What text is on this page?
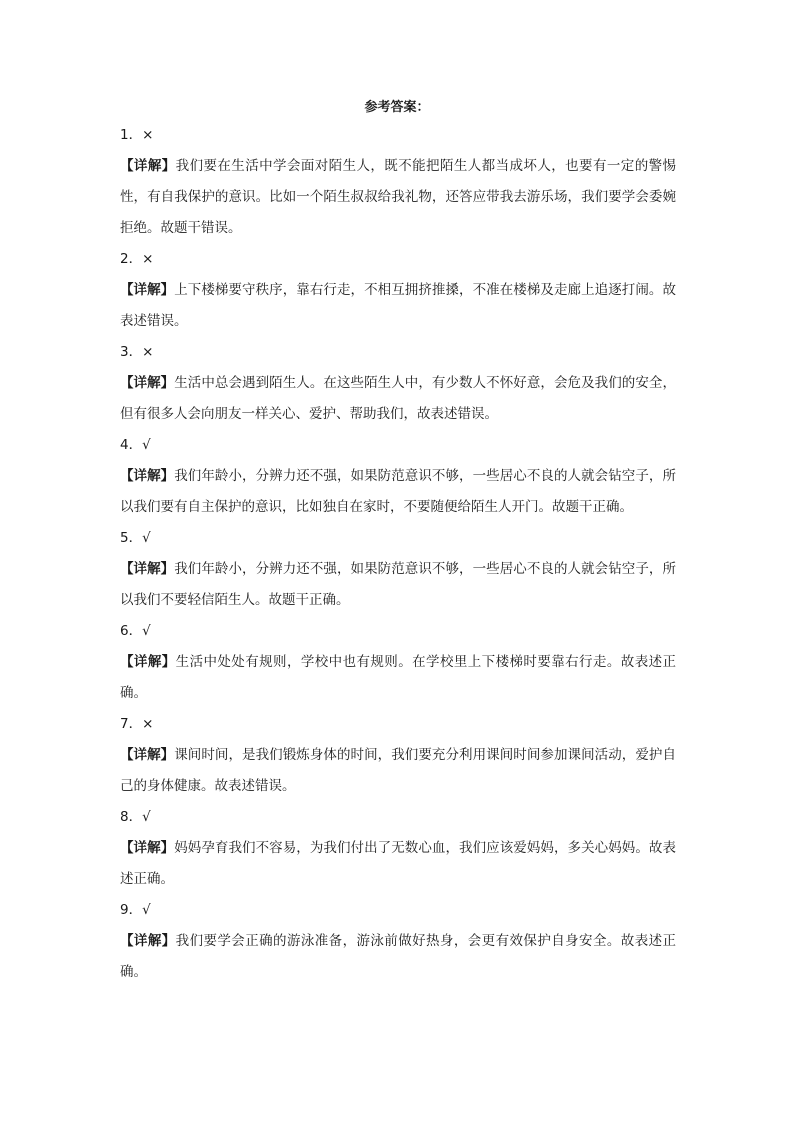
参考答案：
1．×
【详解】我们要在生活中学会面对陌生人，既不能把陌生人都当成坏人，也要有一定的警惕性，有自我保护的意识。比如一个陌生叔叔给我礼物，还答应带我去游乐场，我们要学会委婉拒绝。故题干错误。
2．×
【详解】上下楼梯要守秩序，靠右行走，不相互拥挤推搡，不准在楼梯及走廊上追逐打闹。故表述错误。
3．×
【详解】生活中总会遇到陌生人。在这些陌生人中，有少数人不怀好意，会危及我们的安全，但有很多人会向朋友一样关心、爱护、帮助我们，故表述错误。
4．√
【详解】我们年龄小，分辨力还不强，如果防范意识不够，一些居心不良的人就会钻空子，所以我们要有自主保护的意识，比如独自在家时，不要随便给陌生人开门。故题干正确。
5．√
【详解】我们年龄小，分辨力还不强，如果防范意识不够，一些居心不良的人就会钻空子，所以我们不要轻信陌生人。故题干正确。
6．√
【详解】生活中处处有规则，学校中也有规则。在学校里上下楼梯时要靠右行走。故表述正确。
7．×
【详解】课间时间，是我们锻炼身体的时间，我们要充分利用课间时间参加课间活动，爱护自己的身体健康。故表述错误。
8．√
【详解】妈妈孕育我们不容易，为我们付出了无数心血，我们应该爱妈妈，多关心妈妈。故表述正确。
9．√
【详解】我们要学会正确的游泳准备，游泳前做好热身，会更有效保护自身安全。故表述正确。
